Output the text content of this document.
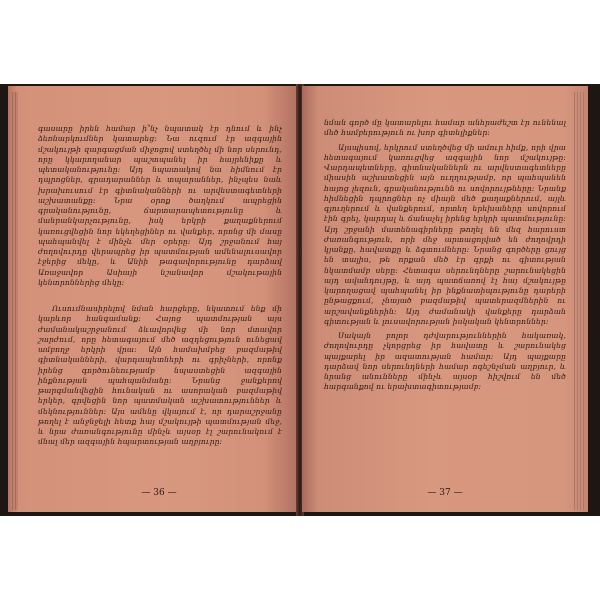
գասարը իրեն համար ի՞նչ նպատակ էր դնում և ինչ ձեռնարկումներ կատարեց։ Նա ուզում էր ազգային մշակույթի զարգացման միջոցով ստեղծել մի նոր սերունդ, որը կկարողանար պաշտպանել իր հայրենիքը և պետականությունը։ Այդ նպատակով նա հիմնում էր դպրոցներ, գրադարաններ և տպարաններ, ինչպես նաև խրախուսում էր գիտնականների ու արվեստագետների աշխատանքը։ Նրա օրոք ծաղկում ապրեցին գրականությունը, ճարտարապետությունը և մանրանկարչությունը, իսկ երկրի քաղաքներում կառուցվեցին նոր եկեղեցիներ ու վանքեր, որոնց մի մասը պահպանվել է մինչև մեր օրերը։ Այդ շրջանում հայ ժողովուրդը վերապրեց իր պատմության ամենալուսավոր էջերից մեկը, և Անիի թագավորությունը դարձավ Առաջավոր Ասիայի նշանավոր մշակութային կենտրոններից մեկը։

Ուսումնասիրելով նման հարցերը, նկատում ենք մի կարևոր հանգամանք։ Հայոց պատմության այս ժամանակաշրջանում ձևավորվեց մի նոր մտավոր շարժում, որը հետագայում մեծ ազդեցություն ունեցավ ամբողջ երկրի վրա։ Այն համախմբեց բազմաթիվ գիտնականների, վարդապետների ու գրիչների, որոնք իրենց գործունեությամբ նպաստեցին ազգային ինքնության պահպանմանը։ Նրանց ջանքերով թարգմանվեցին հունական ու ասորական բազմաթիվ երկեր, գրվեցին նոր պատմական աշխատություններ և մեկնություններ։ Այս ամենը վկայում է, որ դարաշրջանը թողել է անջնջելի հետք հայ մշակույթի պատմության մեջ, և նրա ժառանգությունը մինչև այսօր էլ շարունակում է մնալ մեր ազգային հպարտության աղբյուրը։

— 36 —

նման գործ մը կատարելու համար անհրաժեշտ էր ունենալ մեծ համբերություն ու խոր գիտելիքներ։

Այսպիսով, երկրում ստեղծվեց մի ամուր հիմք, որի վրա հետագայում կառուցվեց ազգային նոր մշակույթը։ Վարդապետները, գիտնականներն ու արվեստագետները միասին աշխատեցին այն ուղղությամբ, որ պահպանեն հայոց լեզուն, գրականությունն ու սովորույթները։ Նրանք հիմնեցին դպրոցներ ոչ միայն մեծ քաղաքներում, այլև գյուղերում և վանքերում, որտեղ երեխաները սովորում էին գրել, կարդալ և ճանաչել իրենց երկրի պատմությունը։ Այդ շրջանի մատենագիրները թողել են մեզ հարուստ ժառանգություն, որի մեջ արտացոլված են ժողովրդի կյանքը, հավատքը և ձգտումները։ Նրանց գործերը ցույց են տալիս, թե որքան մեծ էր գրքի ու գիտության նկատմամբ սերը։ Հետագա սերունդները շարունակեցին այդ ավանդույթը, և այդ պատճառով էլ հայ մշակույթը կարողացավ պահպանել իր ինքնատիպությունը դարերի ընթացքում, չնայած բազմաթիվ պատերազմներին ու արշավանքներին։ Այդ ժամանակի վանքերը դարձան գիտության և լուսավորության իսկական կենտրոններ։

Սակայն բոլոր դժվարություններին հակառակ, ժողովուրդը չկորցրեց իր հավատը և շարունակեց պայքարել իր ազատության համար։ Այդ պայքարը դարձավ նոր սերունդների համար ոգեշնչման աղբյուր, և նրանց անունները մինչև այսօր հիշվում են մեծ հարգանքով ու երախտագիտությամբ։

— 37 —
